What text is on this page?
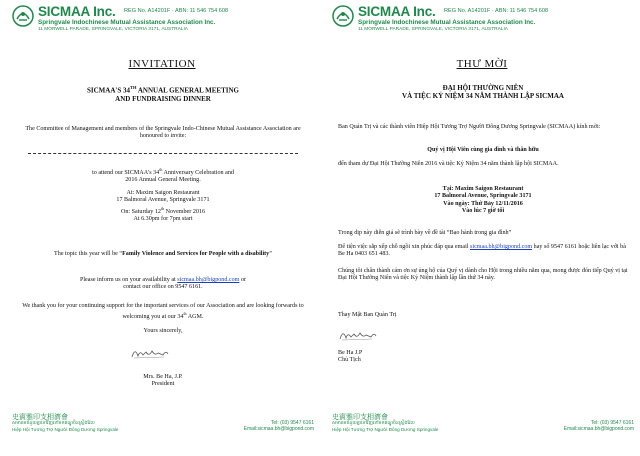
SICMAA Inc. REG No. A14201F · ABN: 11 546 754 608
Springvale Indochinese Mutual Assistance Association Inc.
11 MORWELL PARADE, SPRINGVALE, VICTORIA 3171, AUSTRALIA
INVITATION
SICMAA'S 34TH ANNUAL GENERAL MEETING
AND FUNDRAISING DINNER
The Committee of Management and members of the Springvale Indo-Chinese Mutual Assistance Association are honoured to invite:
to attend our SICMAA's 34th Anniversary Celebration and
2016 Annual General Meeting.
At: Maxim Saigon Restaurant
17 Balmoral Avenue, Springvale 3171
On: Saturday 12th November 2016
At 6.30pm for 7pm start
The topic this year will be “Family Violence and Services for People with a disability”
Please inform us on your availability at sicmaa.bh@bigpond.com or
contact our office on 9547 6161.
We thank you for your continuing support for the important services of our Association and are looking forwards to welcoming you at our 34th AGM.
Yours sincerely,
Mrs. Be Ha, J.P.
President
史賓雅印支相濟會
សមាគមជំនួយគ្នាទៅវិញទៅមកឥណ្ឌូចិនស្ព្រីងវែល
Hiệp Hội Tương Trợ Người Đông Dương Springvale
Tel: (03) 9547 6161
Email:sicmaa.bh@bigpond.com
SICMAA Inc. REG No. A14201F · ABN: 11 546 754 608
Springvale Indochinese Mutual Assistance Association Inc.
11 MORWELL PARADE, SPRINGVALE, VICTORIA 3171, AUSTRALIA
THƯ MỜI
ĐẠI HỘI THƯỜNG NIÊN
VÀ TIỆC KỶ NIỆM 34 NĂM THÀNH LẬP SICMAA
Ban Quản Trị và các thành viên Hiệp Hội Tương Trợ Người Đông Dương Springvale (SICMAA) kính mời:
Quý vị Hội Viên cùng gia đình và thân hữu
đến tham dự Đại Hội Thường Niên 2016 và tiệc Kỷ Niệm 34 năm thành lập hội SICMAA.
Tại: Maxim Saigon Restaurant
17 Balmoral Avenue, Springvale 3171
Vào ngày: Thứ Bảy 12/11/2016
Vào lúc 7 giờ tối
Trong dịp này diễn giả sẽ trình bày về đề tài “Bạo hành trong gia đình”
Để tiện việc sắp xếp chỗ ngồi xin phúc đáp qua email sicmaa.bh@bigpond.com hay số 9547 6161 hoặc liên lạc với bà Be Ha 0403 651 483.
Chúng tôi chân thành cảm ơn sự ủng hộ của Quý vị dành cho Hội trong nhiều năm qua, mong được đón tiếp Quý vị tại Đại Hội Thường Niên và tiệc Kỷ Niệm thành lập lần thứ 34 này.
Thay Mặt Ban Quản Trị
Be Ha J.P
Chủ Tịch
史賓雅印支相濟會
សមាគមជំនួយគ្នាទៅវិញទៅមកឥណ្ឌូចិនស្ព្រីងវែល
Hiệp Hội Tương Trợ Người Đông Dương Springvale
Tel: (03) 9547 6161
Email:sicmaa.bh@bigpond.com
